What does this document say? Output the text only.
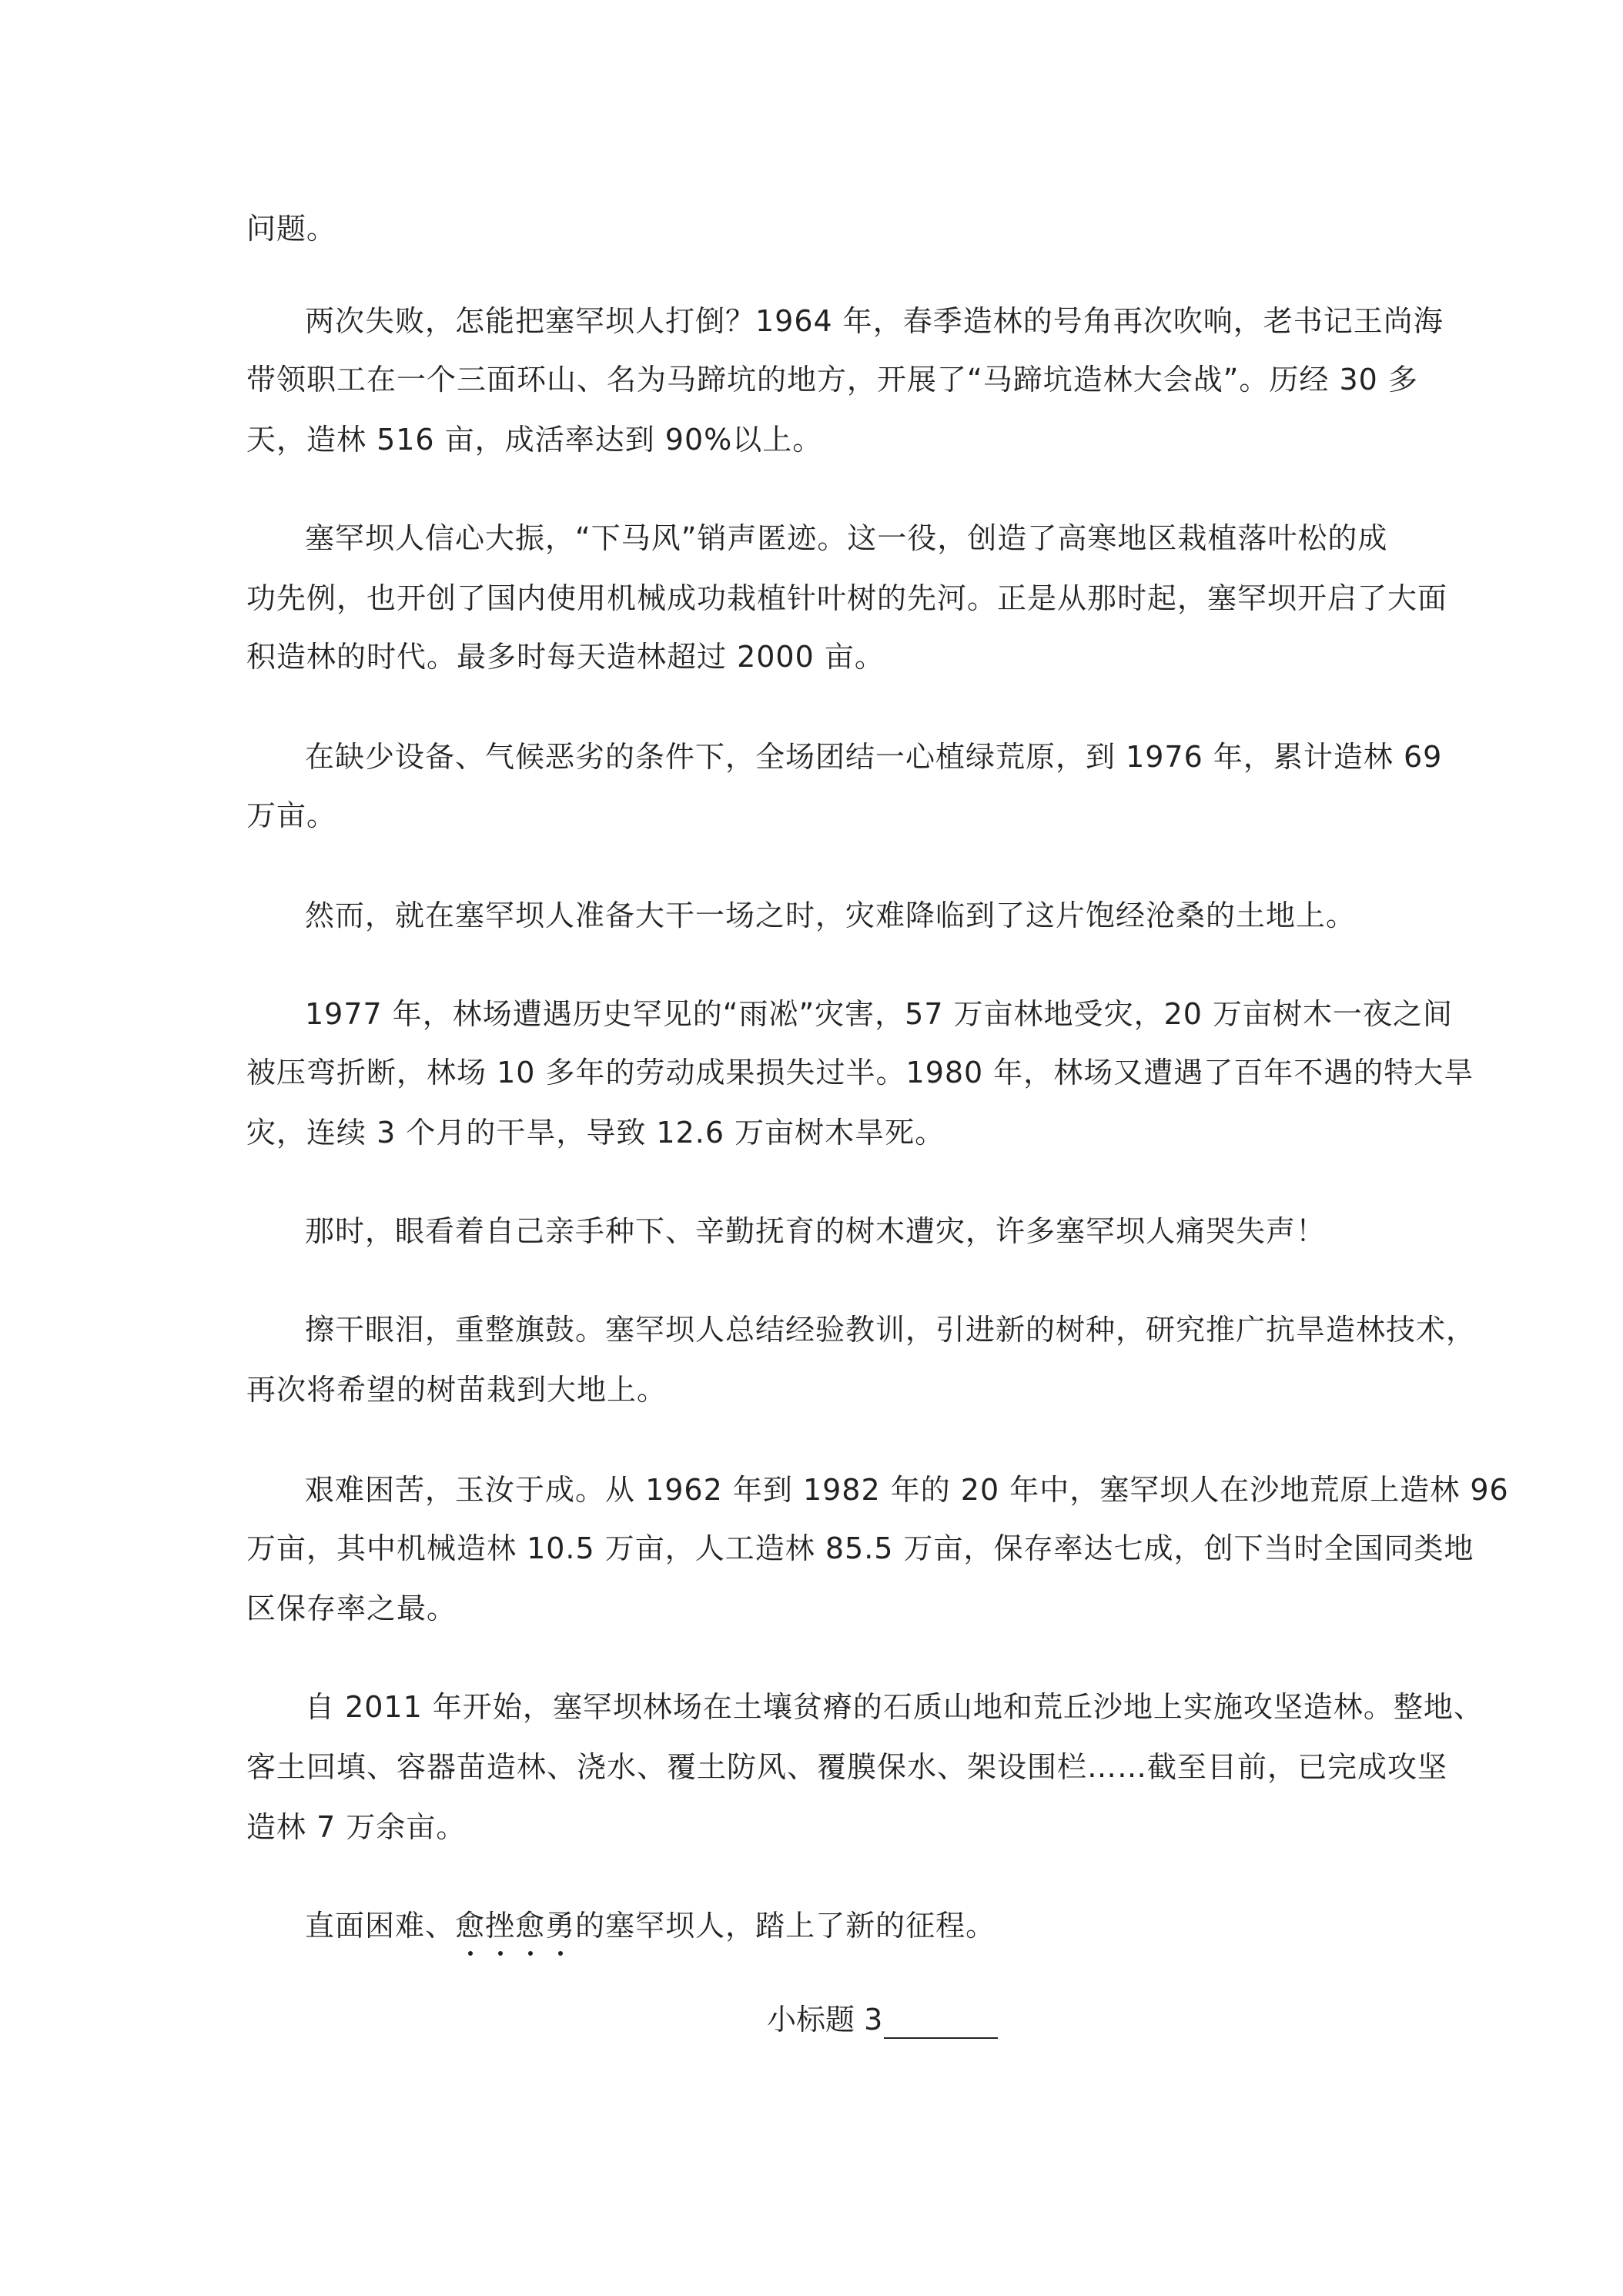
问题。
两次失败，怎能把塞罕坝人打倒？1964 年，春季造林的号角再次吹响，老书记王尚海
带领职工在一个三面环山、名为马蹄坑的地方，开展了“马蹄坑造林大会战”。历经 30 多
天，造林 516 亩，成活率达到 90%以上。
塞罕坝人信心大振，“下马风”销声匿迹。这一役，创造了高寒地区栽植落叶松的成
功先例，也开创了国内使用机械成功栽植针叶树的先河。正是从那时起，塞罕坝开启了大面
积造林的时代。最多时每天造林超过 2000 亩。
在缺少设备、气候恶劣的条件下，全场团结一心植绿荒原，到 1976 年，累计造林 69
万亩。
然而，就在塞罕坝人准备大干一场之时，灾难降临到了这片饱经沧桑的土地上。
1977 年，林场遭遇历史罕见的“雨凇”灾害，57 万亩林地受灾，20 万亩树木一夜之间
被压弯折断，林场 10 多年的劳动成果损失过半。1980 年，林场又遭遇了百年不遇的特大旱
灾，连续 3 个月的干旱，导致 12.6 万亩树木旱死。
那时，眼看着自己亲手种下、辛勤抚育的树木遭灾，许多塞罕坝人痛哭失声！
擦干眼泪，重整旗鼓。塞罕坝人总结经验教训，引进新的树种，研究推广抗旱造林技术，
再次将希望的树苗栽到大地上。
艰难困苦，玉汝于成。从 1962 年到 1982 年的 20 年中，塞罕坝人在沙地荒原上造林 96
万亩，其中机械造林 10.5 万亩，人工造林 85.5 万亩，保存率达七成，创下当时全国同类地
区保存率之最。
自 2011 年开始，塞罕坝林场在土壤贫瘠的石质山地和荒丘沙地上实施攻坚造林。整地、
客土回填、容器苗造林、浇水、覆土防风、覆膜保水、架设围栏……截至目前，已完成攻坚
造林 7 万余亩。
直面困难、愈挫愈勇的塞罕坝人，踏上了新的征程。
小标题 3
